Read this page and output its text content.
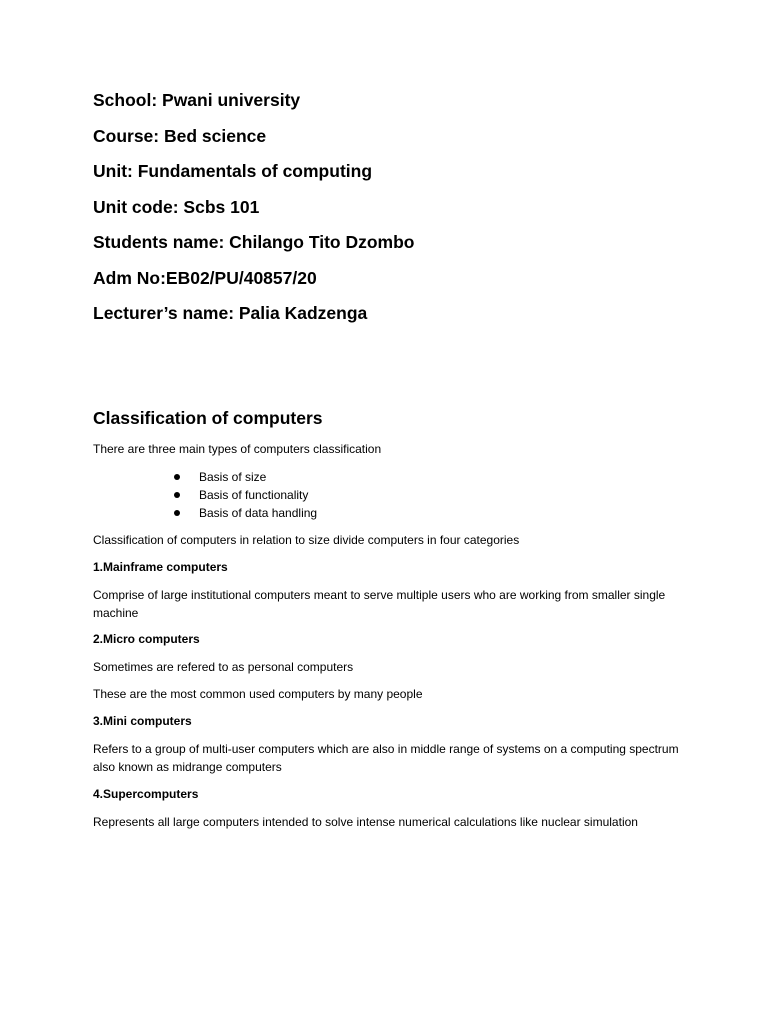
School: Pwani university
Course: Bed science
Unit: Fundamentals of computing
Unit code: Scbs 101
Students name: Chilango Tito Dzombo
Adm No:EB02/PU/40857/20
Lecturer’s name: Palia Kadzenga
Classification of computers
There are three main types of computers classification
Basis of size
Basis of functionality
Basis of data handling
Classification of computers in relation to size divide computers in four categories
1.Mainframe computers
Comprise of large institutional computers meant to serve multiple users who are working from smaller single machine
2.Micro computers
Sometimes are refered to as personal computers
These are the most common used computers by many people
3.Mini computers
Refers to a group of multi-user computers which are also in middle range of systems on a computing spectrum also known as midrange computers
4.Supercomputers
Represents all large computers intended to solve intense numerical calculations like nuclear simulation
